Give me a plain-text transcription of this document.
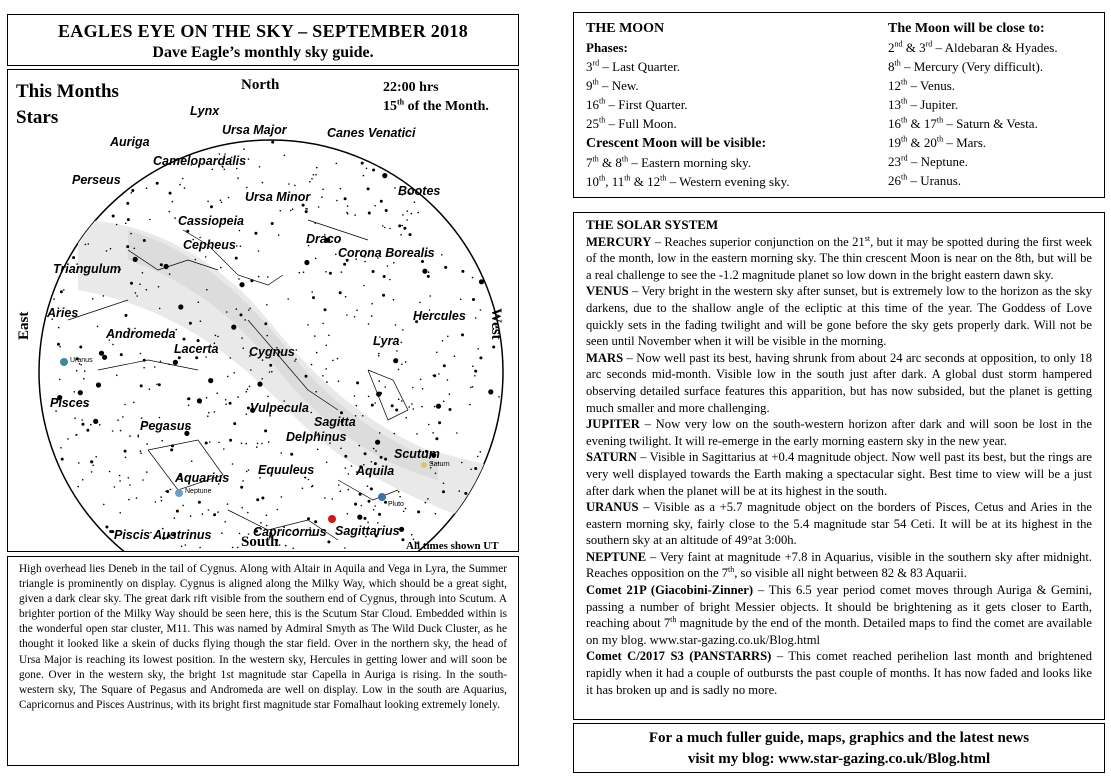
EAGLES EYE ON THE SKY – SEPTEMBER 2018
Dave Eagle’s monthly sky guide.
This Months
Stars
22:00 hrs
15th of the Month.
North
South
East	West
All times shown UT
Lynx
Ursa Major	Canes Venatici
Auriga
Camelopardalis
Perseus
Cassiopeia
Ursa Minor	Bootes
Cepheus	Draco
Corona Borealis
Triangulum
Aries	Hercules
Andromeda
Lacerta Cygnus
Lyra
Pisces	Vulpecula
Sagitta
Pegasus
Delphinus
Scutum
Aquarius
Equuleus	Aquila
Capricornus Sagittarius
Piscis Austrinus
Uranus
Neptune
Saturn
Pluto
High overhead lies Deneb in the tail of Cygnus. Along with Altair in Aquila and Vega in Lyra, the Summer triangle is prominently on display. Cygnus is aligned along the Milky Way, which should be a great sight, given a dark clear sky. The great dark rift visible from the southern end of Cygnus, through into Scutum. A brighter portion of the Milky Way should be seen here, this is the Scutum Star Cloud. Embedded within is the wonderful open star cluster, M11. This was named by Admiral Smyth as The Wild Duck Cluster, as he thought it looked like a skein of ducks flying though the star field. Over in the northern sky, the head of Ursa Major is reaching its lowest position. In the western sky, Hercules in getting lower and will soon be gone. Over in the western sky, the bright 1st magnitude star Capella in Auriga is rising. In the south-western sky, The Square of Pegasus and Andromeda are well on display. Low in the south are Aquarius, Capricornus and Pisces Austrinus, with its bright first magnitude star Fomalhaut looking extremely lonely.
THE MOON
Phases:
3rd – Last Quarter.
9th – New.
16th – First Quarter.
25th – Full Moon.
Crescent Moon will be visible:
7th & 8th – Eastern morning sky.
10th, 11th & 12th – Western evening sky.
The Moon will be close to:
2nd & 3rd – Aldebaran & Hyades.
8th – Mercury (Very difficult).
12th – Venus.
13th – Jupiter.
16th & 17th – Saturn & Vesta.
19th & 20th – Mars.
23rd – Neptune.
26th – Uranus.

THE SOLAR SYSTEM

MERCURY – Reaches superior conjunction on the 21st, but it may be spotted during the first week of the month, low in the eastern morning sky. The thin crescent Moon is near on the 8th, but will be a real challenge to see the -1.2 magnitude planet so low down in the bright eastern dawn sky.

VENUS – Very bright in the western sky after sunset, but is extremely low to the horizon as the sky darkens, due to the shallow angle of the ecliptic at this time of the year. The Goddess of Love quickly sets in the fading twilight and will be gone before the sky gets properly dark. Will not be seen until November when it will be visible in the morning.

MARS – Now well past its best, having shrunk from about 24 arc seconds at opposition, to only 18 arc seconds mid-month. Visible low in the south just after dark. A global dust storm hampered observing detailed surface features this apparition, but has now subsided, but the planet is getting much smaller and more challenging.

JUPITER – Now very low on the south-western horizon after dark and will soon be lost in the evening twilight. It will re-emerge in the early morning eastern sky in the new year.

SATURN – Visible in Sagittarius at +0.4 magnitude object. Now well past its best, but the rings are very well displayed towards the Earth making a spectacular sight. Best time to view will be a just after dark when the planet will be at its highest in the south.

URANUS – Visible as a +5.7 magnitude object on the borders of Pisces, Cetus and Aries in the eastern morning sky, fairly close to the 5.4 magnitude star 54 Ceti. It will be at its highest in the southern sky at an altitude of 49°at 3:00h.

NEPTUNE – Very faint at magnitude +7.8 in Aquarius, visible in the southern sky after midnight. Reaches opposition on the 7th, so visible all night between 82 & 83 Aquarii.

Comet 21P (Giacobini-Zinner) – This 6.5 year period comet moves through Auriga & Gemini, passing a number of bright Messier objects. It should be brightening as it gets closer to Earth, reaching about 7th magnitude by the end of the month. Detailed maps to find the comet are available on my blog. www.star-gazing.co.uk/Blog.html

Comet C/2017 S3 (PANSTARRS) – This comet reached perihelion last month and brightened rapidly when it had a couple of outbursts the past couple of months. It has now faded and looks like it has broken up and is sadly no more.

For a much fuller guide, maps, graphics and the latest news
visit my blog: www.star-gazing.co.uk/Blog.html
